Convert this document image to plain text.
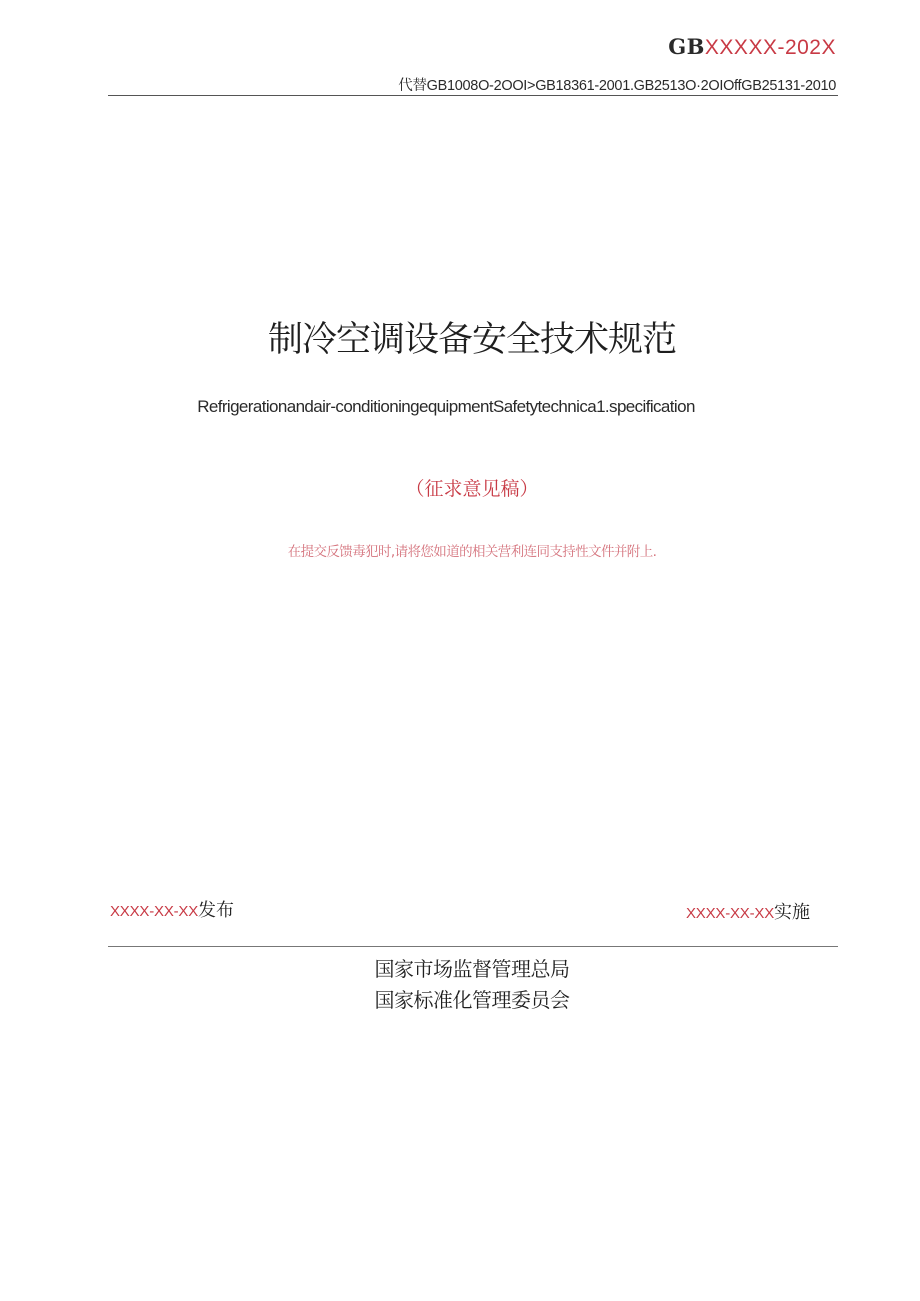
GBXXXXX-202X
代替GB1008O-2OOI>GB18361-2001.GB2513O·2OIOffGB25131-2010
制冷空调设备安全技术规范
Refrigerationandair-conditioningequipmentSafetytechnica1.specification
（征求意见稿）
在提交反馈毒犯时,请将您如道的相关营利连同支持性文件并附上.
XXXX-XX-XX发布	XXXX-XX-XX实施
国家市场监督管理总局
国家标准化管理委员会
